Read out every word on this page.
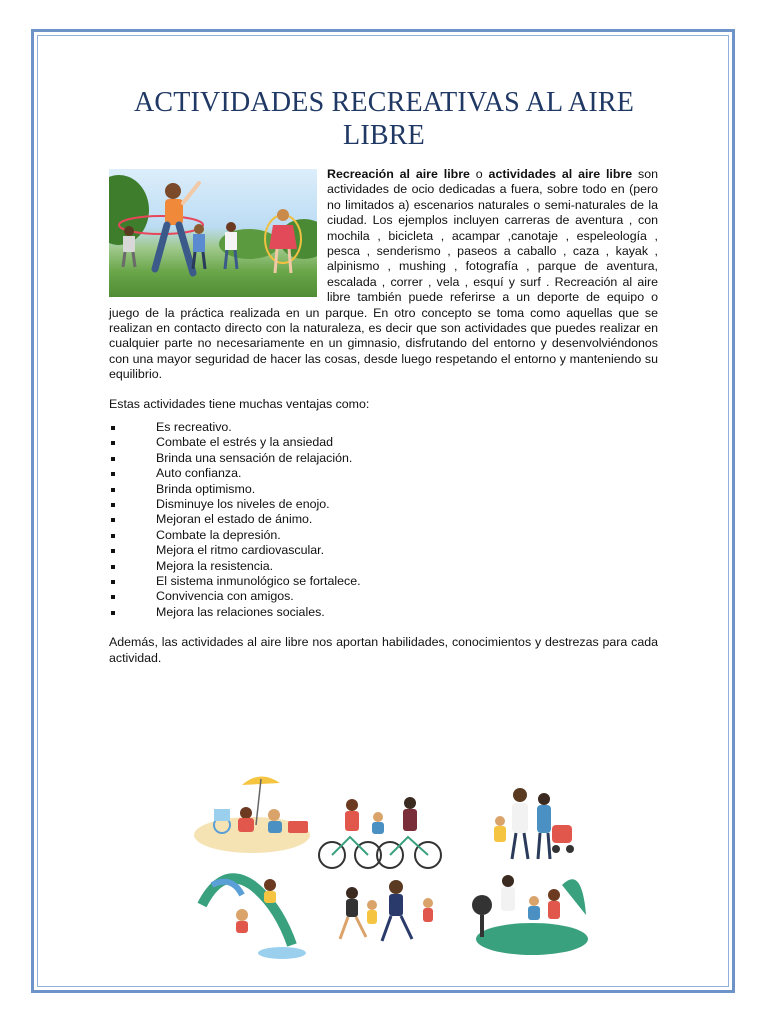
ACTIVIDADES RECREATIVAS AL AIRE LIBRE

Recreación al aire libre o actividades al aire libre son actividades de ocio dedicadas a fuera, sobre todo en (pero no limitados a) escenarios naturales o semi-naturales de la ciudad. Los ejemplos incluyen carreras de aventura , con mochila , bicicleta , acampar ,canotaje , espeleología , pesca , senderismo , paseos a caballo , caza , kayak , alpinismo , mushing , fotografía , parque de aventura, escalada , correr , vela , esquí y surf . Recreación al aire libre también puede referirse a un deporte de equipo o juego de la práctica realizada en un parque. En otro concepto se toma como aquellas que se realizan en contacto directo con la naturaleza, es decir que son actividades que puedes realizar en cualquier parte no necesariamente en un gimnasio, disfrutando del entorno y desenvolviéndonos con una mayor seguridad de hacer las cosas, desde luego respetando el entorno y manteniendo su equilibrio.

Estas actividades tiene muchas ventajas como:

Es recreativo.
Combate el estrés y la ansiedad
Brinda una sensación de relajación.
Auto confianza.
Brinda optimismo.
Disminuye los niveles de enojo.
Mejoran el estado de ánimo.
Combate la depresión.
Mejora el ritmo cardiovascular.
Mejora la resistencia.
El sistema inmunológico se fortalece.
Convivencia con amigos.
Mejora las relaciones sociales.

Además, las actividades al aire libre nos aportan habilidades, conocimientos y destrezas para cada actividad.
